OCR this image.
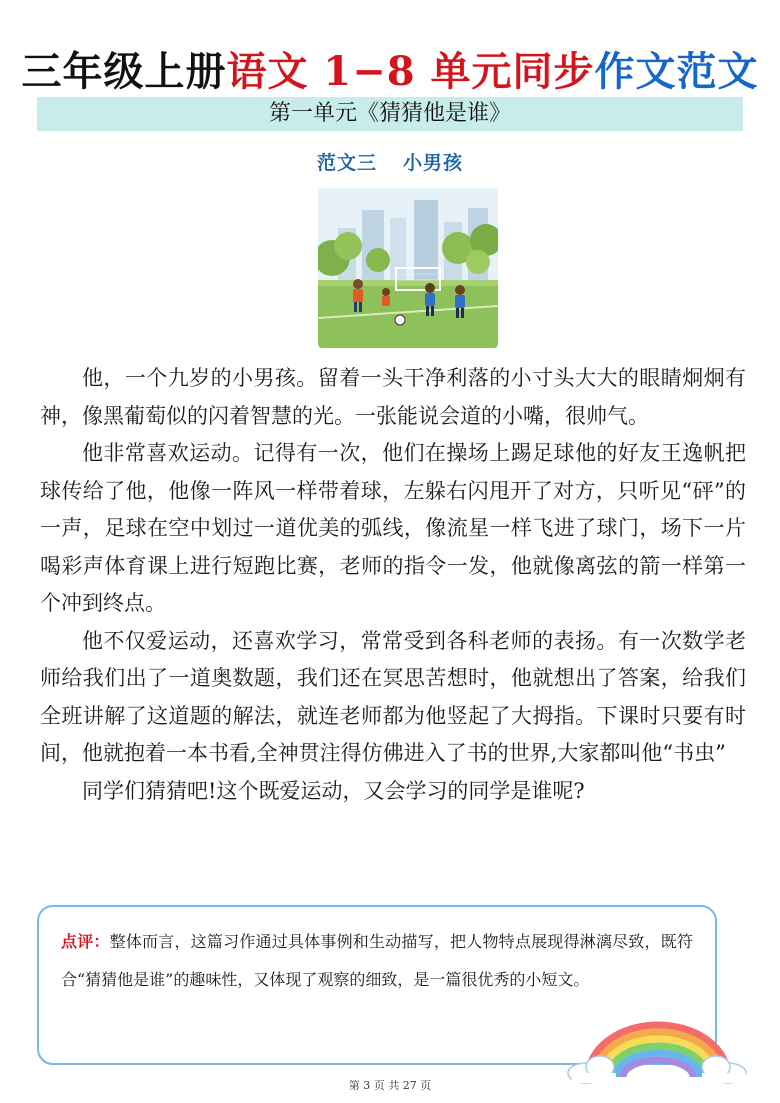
三年级上册语文 1−8 单元同步作文范文
第一单元《猜猜他是谁》
范文三 小男孩

他，一个九岁的小男孩。留着一头干净利落的小寸头大大的眼睛炯炯有神，像黑葡萄似的闪着智慧的光。一张能说会道的小嘴，很帅气。

他非常喜欢运动。记得有一次，他们在操场上踢足球他的好友王逸帆把球传给了他，他像一阵风一样带着球，左躲右闪甩开了对方，只听见“砰”的一声，足球在空中划过一道优美的弧线，像流星一样飞进了球门，场下一片喝彩声体育课上进行短跑比赛，老师的指令一发，他就像离弦的箭一样第一个冲到终点。

他不仅爱运动，还喜欢学习，常常受到各科老师的表扬。有一次数学老师给我们出了一道奥数题，我们还在冥思苦想时，他就想出了答案，给我们全班讲解了这道题的解法，就连老师都为他竖起了大拇指。下课时只要有时间，他就抱着一本书看,全神贯注得仿佛进入了书的世界,大家都叫他“书虫”

同学们猜猜吧!这个既爱运动，又会学习的同学是谁呢?

点评：整体而言，这篇习作通过具体事例和生动描写，把人物特点展现得淋漓尽致，既符合“猜猜他是谁”的趣味性，又体现了观察的细致，是一篇很优秀的小短文。
第 3 页 共 27 页
